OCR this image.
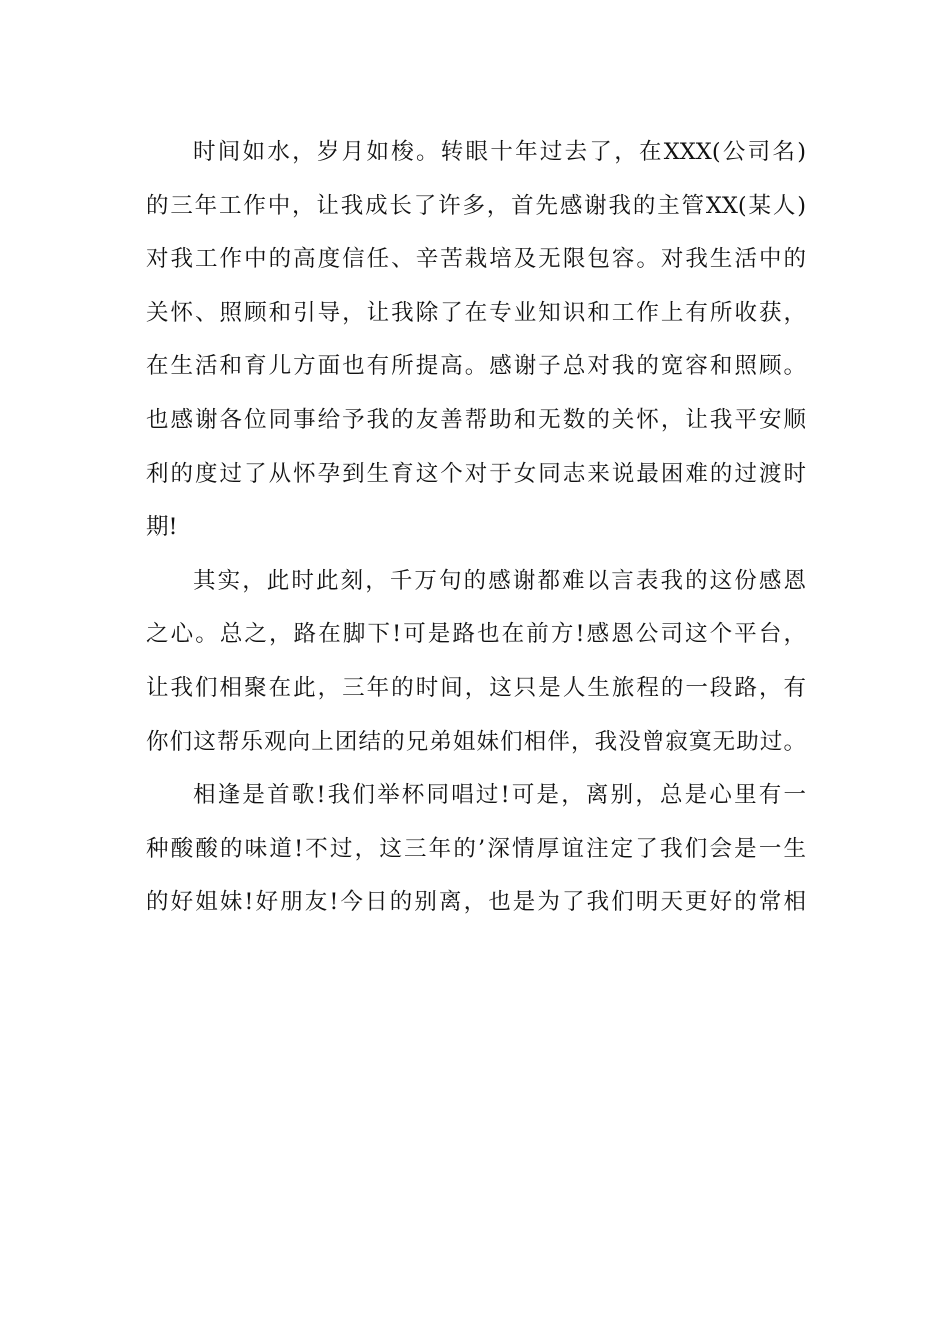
时间如水，岁月如梭。转眼十年过去了，在XXX(公司名)
的三年工作中，让我成长了许多，首先感谢我的主管XX(某人)
对我工作中的高度信任、辛苦栽培及无限包容。对我生活中的
关怀、照顾和引导，让我除了在专业知识和工作上有所收获，
在生活和育儿方面也有所提高。感谢子总对我的宽容和照顾。
也感谢各位同事给予我的友善帮助和无数的关怀，让我平安顺
利的度过了从怀孕到生育这个对于女同志来说最困难的过渡时
期!
其实，此时此刻，千万句的感谢都难以言表我的这份感恩
之心。总之，路在脚下!可是路也在前方!感恩公司这个平台，
让我们相聚在此，三年的时间，这只是人生旅程的一段路，有
你们这帮乐观向上团结的兄弟姐妹们相伴，我没曾寂寞无助过。
相逢是首歌!我们举杯同唱过!可是，离别，总是心里有一
种酸酸的味道!不过，这三年的’深情厚谊注定了我们会是一生
的好姐妹!好朋友!今日的别离，也是为了我们明天更好的常相
